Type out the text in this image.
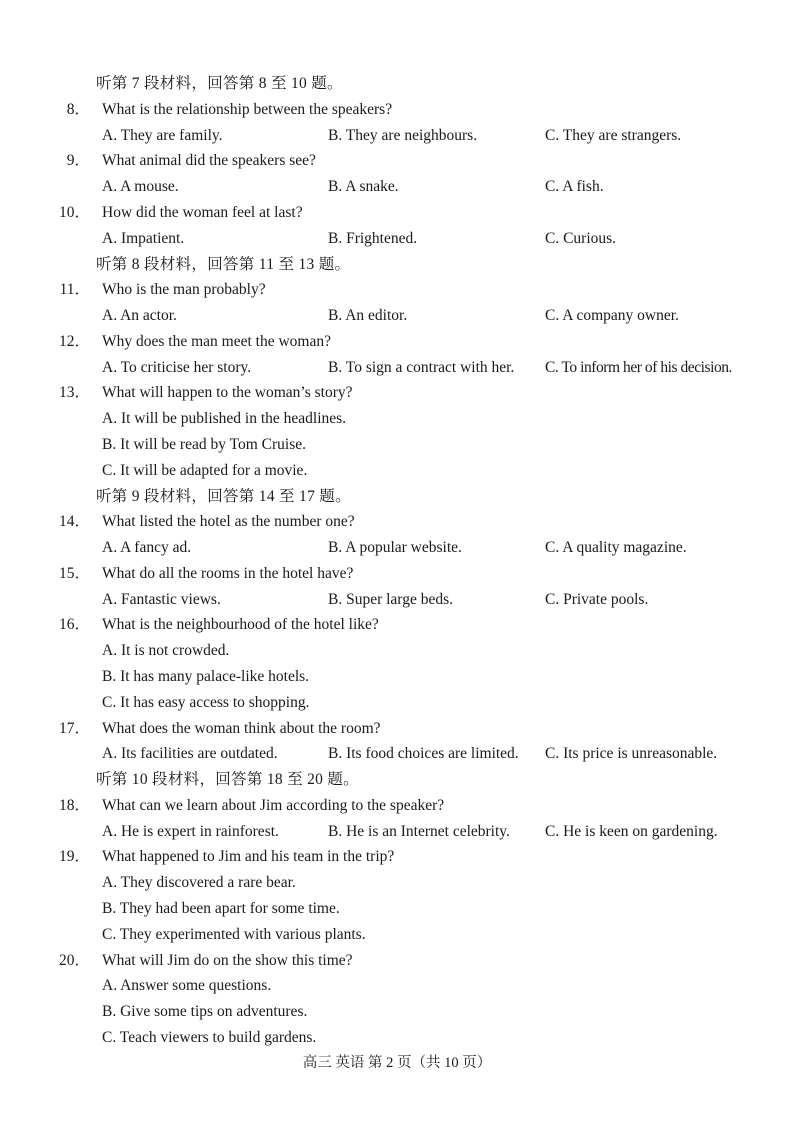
听第 7 段材料，回答第 8 至 10 题。
8． What is the relationship between the speakers?
A. They are family.	B. They are neighbours.	C. They are strangers.
9． What animal did the speakers see?
A. A mouse.	B. A snake.	C. A fish.
10． How did the woman feel at last?
A. Impatient.	B. Frightened.	C. Curious.
听第 8 段材料，回答第 11 至 13 题。
11． Who is the man probably?
A. An actor.	B. An editor.	C. A company owner.
12． Why does the man meet the woman?
A. To criticise her story.	B. To sign a contract with her. C. To inform her of his decision.
13． What will happen to the woman’s story?
A. It will be published in the headlines.
B. It will be read by Tom Cruise.
C. It will be adapted for a movie.
听第 9 段材料，回答第 14 至 17 题。
14． What listed the hotel as the number one?
A. A fancy ad.	B. A popular website.	C. A quality magazine.
15． What do all the rooms in the hotel have?
A. Fantastic views.	B. Super large beds.	C. Private pools.
16． What is the neighbourhood of the hotel like?
A. It is not crowded.
B. It has many palace-like hotels.
C. It has easy access to shopping.
17． What does the woman think about the room?
A. Its facilities are outdated.	B. Its food choices are limited. C. Its price is unreasonable.
听第 10 段材料，回答第 18 至 20 题。
18． What can we learn about Jim according to the speaker?
A. He is expert in rainforest.	B. He is an Internet celebrity. C. He is keen on gardening.
19． What happened to Jim and his team in the trip?
A. They discovered a rare bear.
B. They had been apart for some time.
C. They experimented with various plants.
20． What will Jim do on the show this time?
A. Answer some questions.
B. Give some tips on adventures.
C. Teach viewers to build gardens.
高三 英语 第 2 页（共 10 页）
